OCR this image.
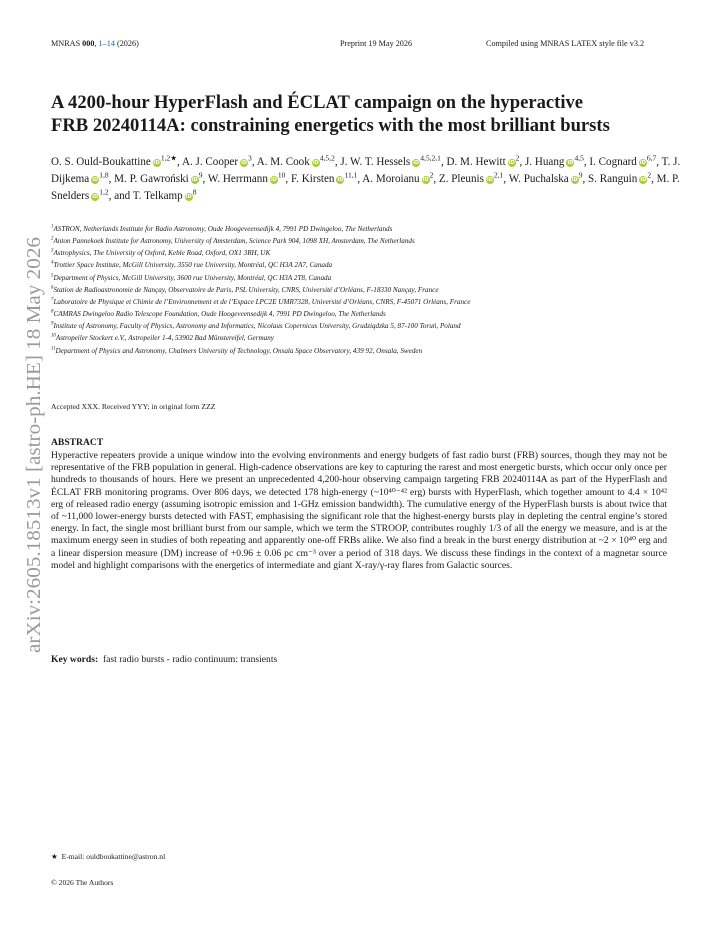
MNRAS 000, 1–14 (2026)	Preprint 19 May 2026	Compiled using MNRAS LATEX style file v3.2
arXiv:2605.18513v1 [astro-ph.HE] 18 May 2026
A 4200-hour HyperFlash and ÉCLAT campaign on the hyperactive
FRB 20240114A: constraining energetics with the most brilliant bursts
O. S. Ould-Boukattine $iD^{1,2★}$, A. J. Cooper $iD^3$, A. M. Cook iD$^{4,5,2}$, J. W. T. Hessels iD$^{4,5,2,1}$, D. M. Hewitt $iD^2$, J. Huang iD$^{4,5}$, I. Cognard iD$^{6,7}$, T. J. Dijkema iD$^{1,8}$, M. P. Gawroński $iD^9$, W. Herrmann $iD^{10}$, F. Kirsten iD$^{11,1}$, A. Moroianu $iD^2$, Z. Pleunis iD$^{2,1}$, W. Puchalska $iD^9$, S. Ranguin $iD^2$, M. P. Snelders iD$^{1,2}$, and T. Telkamp $iD^8$
$^1$ASTRON, Netherlands Institute for Radio Astronomy, Oude Hoogeveensedijk 4, 7991 PD Dwingeloo, The Netherlands
$^2$Anton Pannekoek Institute for Astronomy, University of Amsterdam, Science Park 904, 1098 XH, Amsterdam, The Netherlands
$^3$Astrophysics, The University of Oxford, Keble Road, Oxford, OX1 3RH, UK
$^4$Trottier Space Institute, McGill University, 3550 rue University, Montréal, QC H3A 2A7, Canada
$^5$Department of Physics, McGill University, 3600 rue University, Montréal, QC H3A 2T8, Canada
$^6$Station de Radioastronomie de Nançay, Observatoire de Paris, PSL University, CNRS, Université d’Orléans, F-18330 Nançay, France
$^7$Laboratoire de Physique et Chimie de l’Environnement et de l’Espace LPC2E UMR7328, Université d’Orléans, CNRS, F-45071 Orléans, France
$^8$CAMRAS Dwingeloo Radio Telescope Foundation, Oude Hoogeveensedijk 4, 7991 PD Dwingeloo, The Netherlands
$^9$Institute of Astronomy, Faculty of Physics, Astronomy and Informatics, Nicolaus Copernicus University, Grudziądzka 5, 87-100 Toruń, Poland
$^{10}$Astropeiler Stockert e.V., Astropeiler 1-4, 53902 Bad Münstereifel, Germany
$^{11}$Department of Physics and Astronomy, Chalmers University of Technology, Onsala Space Observatory, 439 92, Onsala, Sweden
Accepted XXX. Received YYY; in original form ZZZ
ABSTRACT
Hyperactive repeaters provide a unique window into the evolving environments and energy budgets of fast radio burst (FRB) sources, though they may not be representative of the FRB population in general. High-cadence observations are key to capturing the rarest and most energetic bursts, which occur only once per hundreds to thousands of hours. Here we present an unprecedented 4,200-hour observing campaign targeting FRB 20240114A as part of the HyperFlash and ÉCLAT FRB monitoring programs. Over 806 days, we detected 178 high-energy (~10⁴⁰⁻⁴² erg) bursts with HyperFlash, which together amount to 4.4 × 10⁴² erg of released radio energy (assuming isotropic emission and 1-GHz emission bandwidth). The cumulative energy of the HyperFlash bursts is about twice that of ~11,000 lower-energy bursts detected with FAST, emphasising the significant role that the highest-energy bursts play in depleting the central engine’s stored energy. In fact, the single most brilliant burst from our sample, which we term the STROOP, contributes roughly 1/3 of all the energy we measure, and is at the maximum energy seen in studies of both repeating and apparently one-off FRBs alike. We also find a break in the burst energy distribution at ~2 × 10⁴⁰ erg and a linear dispersion measure (DM) increase of +0.96 ± 0.06 pc cm⁻³ over a period of 318 days. We discuss these findings in the context of a magnetar source model and highlight comparisons with the energetics of intermediate and giant X-ray/γ-ray flares from Galactic sources.
Key words: fast radio bursts - radio continuum: transients
★ E-mail: ouldboukattine@astron.nl
© 2026 The Authors
